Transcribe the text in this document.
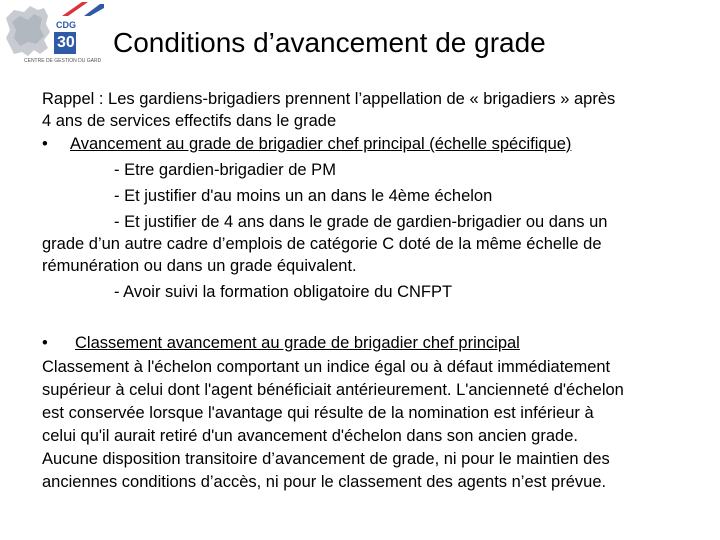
CDG
30
CENTRE DE GESTION DU GARD
Conditions d’avancement de grade
Rappel : Les gardiens-brigadiers prennent l’appellation de « brigadiers » après
4 ans de services effectifs dans le grade
• Avancement au grade de brigadier chef principal (échelle spécifique)
- Etre gardien-brigadier de PM
- Et justifier d'au moins un an dans le 4ème échelon
- Et justifier de 4 ans dans le grade de gardien-brigadier ou dans un
grade d’un autre cadre d’emplois de catégorie C doté de la même échelle de
rémunération ou dans un grade équivalent.
- Avoir suivi la formation obligatoire du CNFPT
• Classement avancement au grade de brigadier chef principal
Classement à l'échelon comportant un indice égal ou à défaut immédiatement
supérieur à celui dont l'agent bénéficiait antérieurement. L'ancienneté d'échelon
est conservée lorsque l'avantage qui résulte de la nomination est inférieur à
celui qu'il aurait retiré d'un avancement d'échelon dans son ancien grade.
Aucune disposition transitoire d’avancement de grade, ni pour le maintien des
anciennes conditions d’accès, ni pour le classement des agents n’est prévue.
